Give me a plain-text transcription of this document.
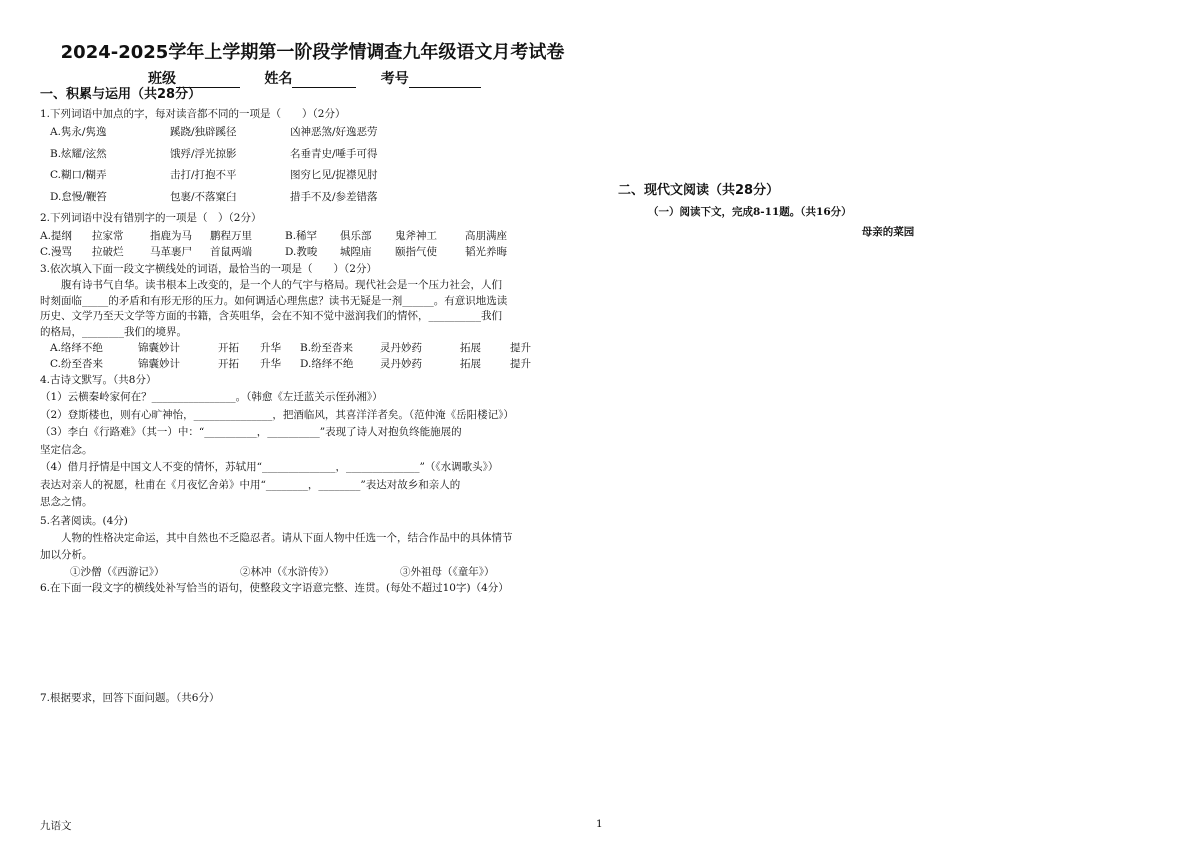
2024-2025学年上学期第一阶段学情调查九年级语文月考试卷
班级	姓名	考号
一、积累与运用（共28分）
1.下列词语中加点的字，每对读音都不同的一项是（　　）（2分）
A.隽永/隽逸	蹊跷/独辟蹊径	凶神恶煞/好逸恶劳
B.炫耀/泫然	饿殍/浮光掠影	名垂青史/唾手可得
C.糊口/糊弄	击打/打抱不平	图穷匕见/捉襟见肘
D.怠慢/鞭笞	包裹/不落窠臼	措手不及/参差错落
2.下列词语中没有错别字的一项是（　）（2分）
A.提纲 拉家常	指鹿为马 鹏程万里	B.稀罕 俱乐部 鬼斧神工	高朋满座
C.漫骂 拉破烂	马革裹尸 首鼠两端	D.教唆 城隍庙 颐指气使	韬光养晦
3.依次填入下面一段文字横线处的词语，最恰当的一项是（　　）（2分）
　　腹有诗书气自华。读书根本上改变的，是一个人的气宇与格局。现代社会是一个压力社会，人们
时刻面临_____的矛盾和有形无形的压力。如何调适心理焦虑？读书无疑是一剂______。有意识地选读
历史、文学乃至天文学等方面的书籍，含英咀华，会在不知不觉中滋润我们的情怀，__________我们
的格局，________我们的境界。
A.络绎不绝	锦囊妙计	开拓 升华 B.纷至沓来	灵丹妙药	拓展	提升
C.纷至沓来	锦囊妙计	开拓 升华 D.络绎不绝	灵丹妙药	拓展	提升
4.古诗文默写。（共8分）
（1）云横秦岭家何在？________________。（韩愈《左迁蓝关示侄孙湘》）
（2）登斯楼也，则有心旷神怡，_______________，把酒临风，其喜洋洋者矣。（范仲淹《岳阳楼记》）
（3）李白《行路难》（其一）中：“__________，__________”表现了诗人对抱负终能施展的
坚定信念。
（4）借月抒情是中国文人不变的情怀，苏轼用“______________，______________”（《水调歌头》）
表达对亲人的祝愿，杜甫在《月夜忆舍弟》中用“________，________”表达对故乡和亲人的
思念之情。
5.名著阅读。(4分)
　　人物的性格决定命运，其中自然也不乏隐忍者。请从下面人物中任选一个，结合作品中的具体情节
加以分析。
①沙僧（《西游记》）	②林冲（《水浒传》）	③外祖母（《童年》）
6.在下面一段文字的横线处补写恰当的语句，使整段文字语意完整、连贯。(每处不超过10字)（4分）
7.根据要求，回答下面问题。（共6分）
九语文
二、现代文阅读（共28分）
（一）阅读下文，完成8-11题。（共16分）
母亲的菜园
1
